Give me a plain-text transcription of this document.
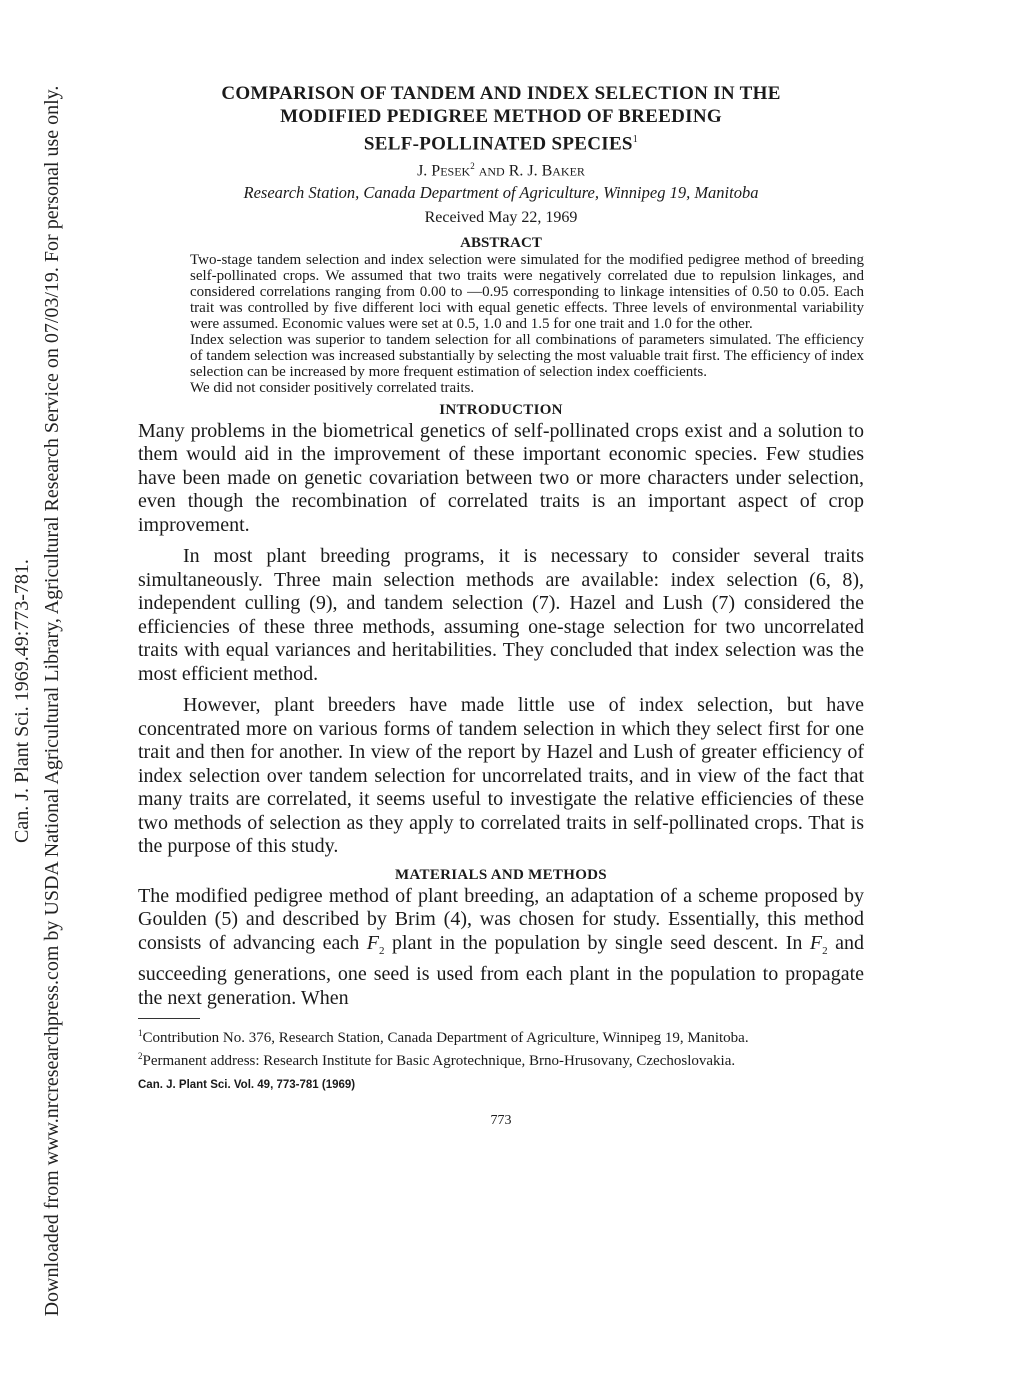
Can. J. Plant Sci. 1969.49:773-781. Downloaded from www.nrcresearchpress.com by USDA National Agricultural Library, Agricultural Research Service on 07/03/19. For personal use only.	COMPARISON OF TANDEM AND INDEX SELECTION IN THE
MODIFIED PEDIGREE METHOD OF BREEDING
SELF-POLLINATED SPECIES$^1$
J. PESEK$^2$ AND R. J. BAKER
Research Station, Canada Department of Agriculture, Winnipeg 19, Manitoba
Received May 22, 1969
ABSTRACT

Two-stage tandem selection and index selection were simulated for the modified pedigree method of breeding self-pollinated crops. We assumed that two traits were negatively correlated due to repulsion linkages, and considered correlations ranging from 0.00 to —0.95 corresponding to linkage intensities of 0.50 to 0.05. Each trait was controlled by five different loci with equal genetic effects. Three levels of environmental variability were assumed. Economic values were set at 0.5, 1.0 and 1.5 for one trait and 1.0 for the other.

Index selection was superior to tandem selection for all combinations of parameters simulated. The efficiency of tandem selection was increased substantially by selecting the most valuable trait first. The efficiency of index selection can be increased by more frequent estimation of selection index coefficients.

We did not consider positively correlated traits.

INTRODUCTION

Many problems in the biometrical genetics of self-pollinated crops exist and a solution to them would aid in the improvement of these important economic species. Few studies have been made on genetic covariation between two or more characters under selection, even though the recombination of correlated traits is an important aspect of crop improvement.

In most plant breeding programs, it is necessary to consider several traits simultaneously. Three main selection methods are available: index selection (6, 8), independent culling (9), and tandem selection (7). Hazel and Lush (7) considered the efficiencies of these three methods, assuming one-stage selection for two uncorrelated traits with equal variances and heritabilities. They concluded that index selection was the most efficient method.

However, plant breeders have made little use of index selection, but have concentrated more on various forms of tandem selection in which they select first for one trait and then for another. In view of the report by Hazel and Lush of greater efficiency of index selection over tandem selection for uncorrelated traits, and in view of the fact that many traits are correlated, it seems useful to investigate the relative efficiencies of these two methods of selection as they apply to correlated traits in self-pollinated crops. That is the purpose of this study.

MATERIALS AND METHODS

The modified pedigree method of plant breeding, an adaptation of a scheme proposed by Goulden (5) and described by Brim (4), was chosen for study. Essentially, this method consists of advancing each $F_2$ plant in the population by single seed descent. In $F_2$ and succeeding generations, one seed is used from each plant in the population to propagate the next generation. When

$^1$Contribution No. 376, Research Station, Canada Department of Agriculture, Winnipeg 19, Manitoba.

$^2$Permanent address: Research Institute for Basic Agrotechnique, Brno-Hrusovany, Czechoslovakia.

Can. J. Plant Sci. Vol. 49, 773-781 (1969)
773
